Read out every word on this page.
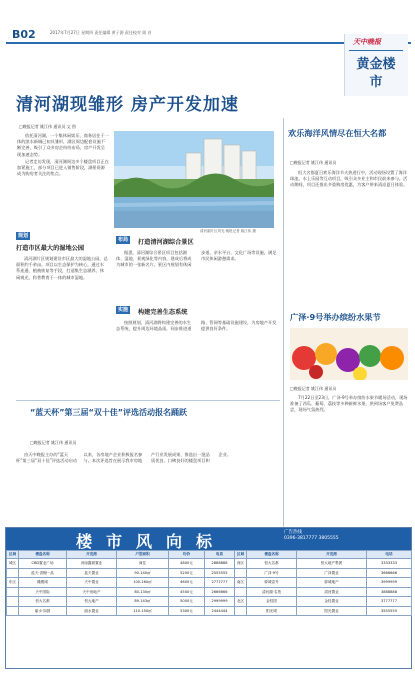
B02	2017年7月27日 星期四 责任编辑 黄子源 责任校对 阅 音
天中晚报
黄金楼市
清河湖现雏形 房产开发加速
□晚报记者 姚江伟 通讯员 文 图

依托清河湖，一个集休闲娱乐、商务居住于一体的滨水新城已初具雏形，湖区周边配套设施不断完善，吸引了众多房企纷纷布局，房产开发呈现加速态势。

记者走访发现，清河湖周边多个楼盘项目正在加紧施工，部分项目已进入销售阶段，湖景资源成为购房者关注的焦点。

清河湖片区风光 晚报记者 姚江伟 摄
布局	打造清河湖综合景区

据悉，清河湖综合景区项目包括湖体、湿地、景观绿化等内容，建成后将成为城市的一张新名片。景区内规划有休闲步道、亲水平台、文化广场等设施，满足市民休闲游憩需求。

规划
打造市区最大的湿地公园

清河湖片区规划建设市区最大的湿地公园，总面积约千余亩。项目以生态保护为核心，通过水系连通、植被恢复等手段，打造集生态涵养、休闲观光、科普教育于一体的城市湿地。

实施	构建完善生态系统

按照规划，清河湖将构建完善的水生态系统，提升周边环境品质，同步推进道路、管网等基础设施建设，为房地产开发提供良好条件。

欢乐海洋风情尽在恒大名都
□晚报记者 姚江伟 通讯员

恒大名都夏日欢乐海洋节火热进行中，活动现场设置了海洋球池、水上乐园等互动项目，吸引众多业主和市民前来参与。活动期间，项目还推出多重购房优惠，为客户带来清凉夏日体验。

广泽·9号举办缤纷水果节
□晚报记者 姚江伟 通讯员

7月22日至23日，广泽·9号举办缤纷水果节暖场活动，现场准备了西瓜、葡萄、荔枝等多种新鲜水果，供到场客户免费品尝，现场气氛热烈。

“蓝天杯”第三届“双十佳”评选活动报名踊跃
□晚报记者 姚江伟 通讯员

由天中晚报主办的“蓝天杯”第三届“双十佳”评选活动启动以来，各房地产企业积极报名参与。本次评选旨在展示我市房地产行业发展成果，推选出一批品质优良、口碑良好的楼盘项目和企业。

楼市风向标	广告热线
0396-3817777 3805555
区域	楼盘名称	开发商	户型面积	均价	电话	区域	楼盘名称	开发商	电话
城区	CBD置业广场	河南鑫源置业	商住	4800元	2888888	西区	恒大名都	恒大地产集团	3333333
	蓝天·香榭一品	蓝天置业	90-140㎡	5200元	2555555		广泽·9号	广泽置业	3666666
东区	橄榄城	天中置业	100-160㎡	4600元	2777777	南区	驿城壹号	驿城地产	3999999
	天中国际	天中房地产	80-130㎡	4500元	2666666		清河湖·名苑	清河置业	3888888
	恒大名都	恒大地产	89-143㎡	5000元	2999999	北区	金桂园	金桂置业	3777777
	丽水·如园	丽水置业	110-150㎡	5300元	2444444		阳光城	阳光置业	3555555
